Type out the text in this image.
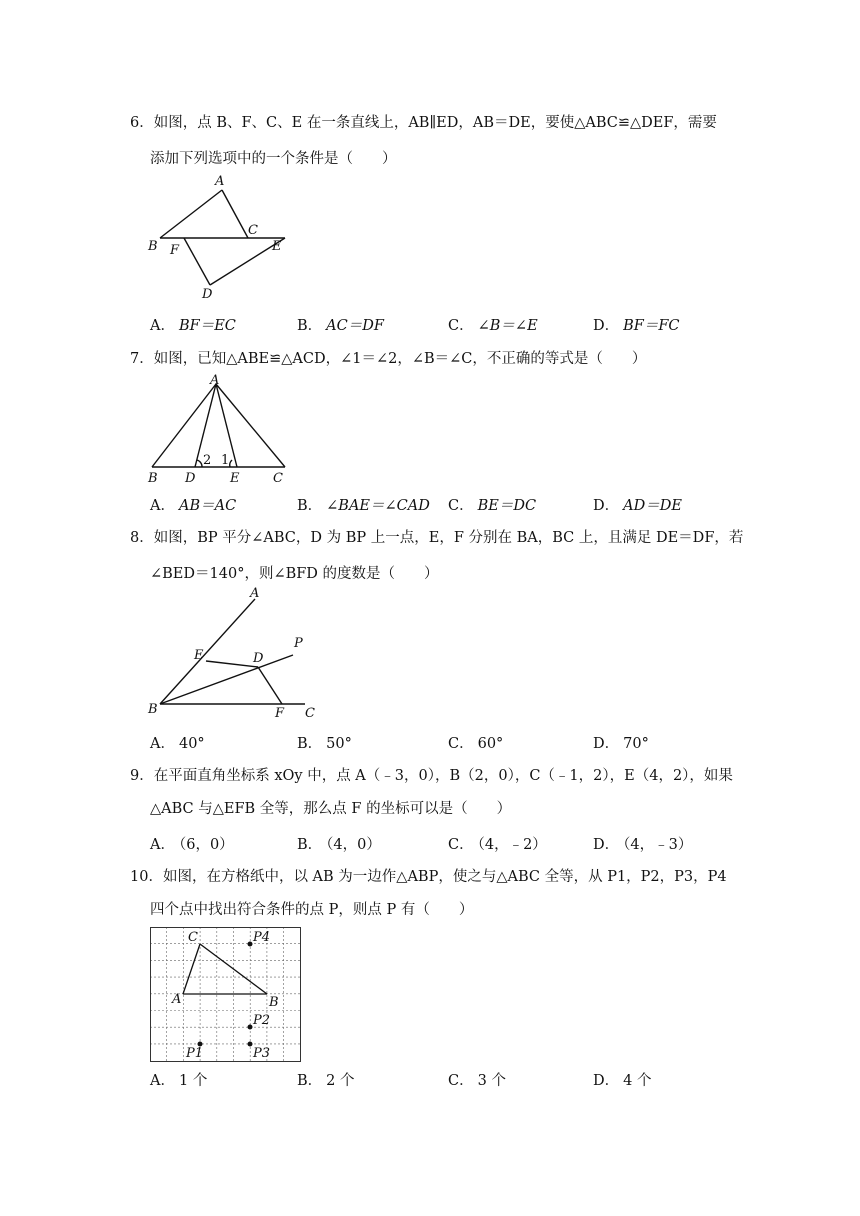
6．如图，点 B、F、C、E 在一条直线上，AB∥ED，AB＝DE，要使△ABC≌△DEF，需要
添加下列选项中的一个条件是（　　）
A
B F
C
E
D
A． BF＝EC	B． AC＝DF	C． ∠B＝∠E	D． BF＝FC
7．如图，已知△ABE≌△ACD，∠1＝∠2，∠B＝∠C，不正确的等式是（　　）
A
B D	E	C
2 1
A． AB＝AC	B． ∠BAE＝∠CAD C． BE＝DC	D． AD＝DE
8．如图，BP 平分∠ABC，D 为 BP 上一点，E，F 分别在 BA，BC 上，且满足 DE＝DF，若
∠BED＝140°，则∠BFD 的度数是（　　）
A
B
E	D
P
F C
A． 40°	B． 50°	C． 60°	D． 70°
9．在平面直角坐标系 xOy 中，点 A（﹣3，0），B（2，0），C（﹣1，2），E（4，2），如果
△ABC 与△EFB 全等，那么点 F 的坐标可以是（　　）
A． （6，0）	B． （4，0）	C． （4，﹣2）	D． （4，﹣3）
10．如图，在方格纸中，以 AB 为一边作△ABP，使之与△ABC 全等，从 P1，P2，P3，P4
四个点中找出符合条件的点 P，则点 P 有（　　）
C
A	B
P4
P2
P1	P3
A． 1 个	B． 2 个	C． 3 个	D． 4 个
